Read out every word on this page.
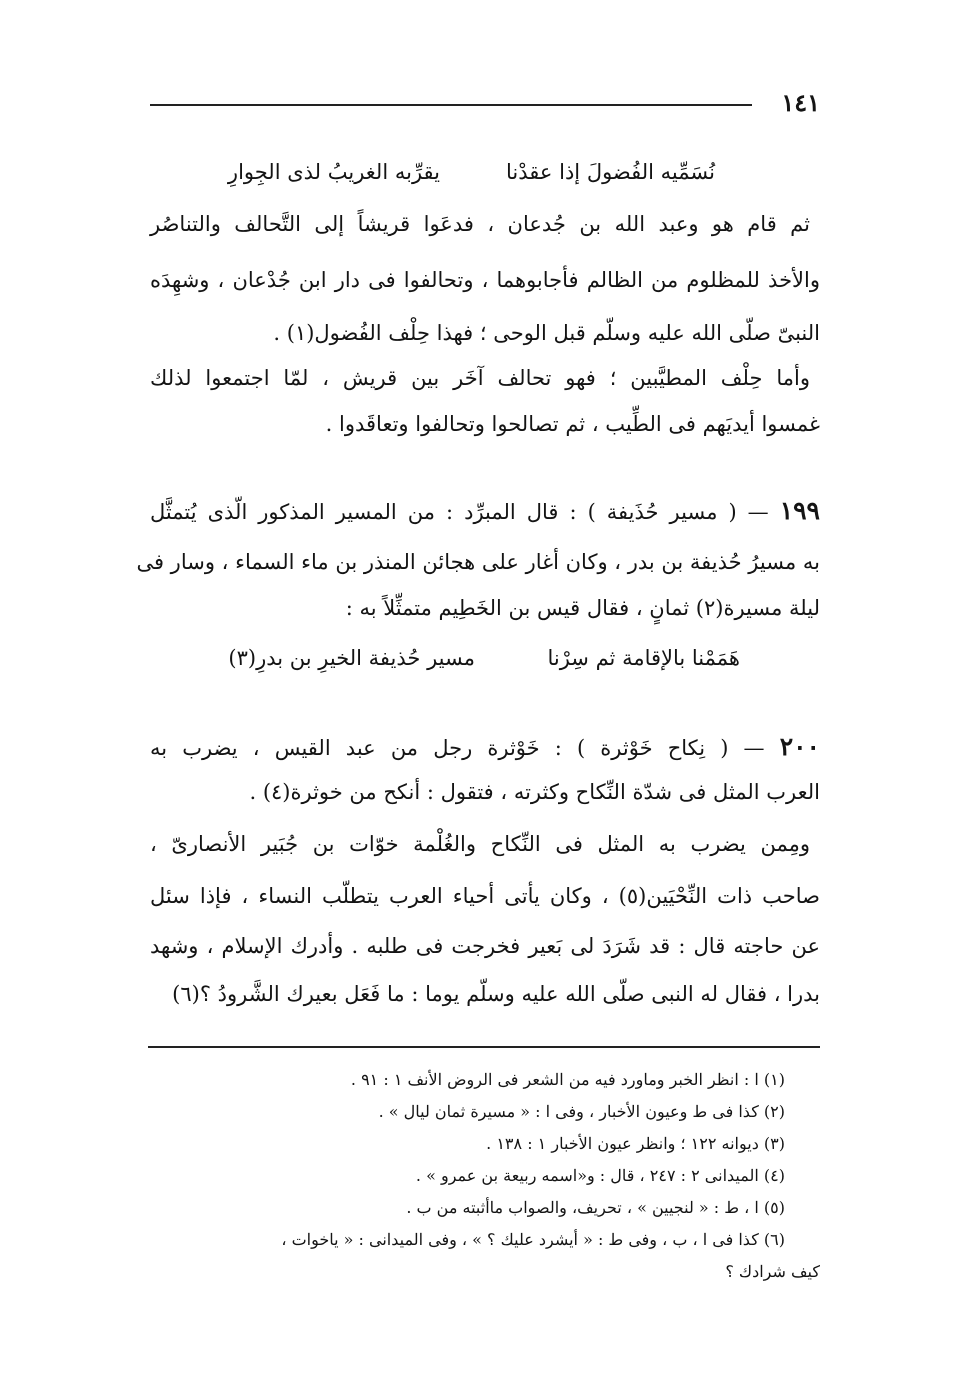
١٤١
نُسَمِّيه الفُضولَ إذا عقدْنا
يقرِّبه الغريبُ لذى الجِوارِ
ثم قام هو وعبد الله بن جُدعان ، فدعَوا قريشاً إلى التَّحالف والتناصُر
والأخذ للمظلوم من الظالم فأجابوهما ، وتحالفوا فى دار ابن جُدْعان ، وشهِدَه
النبىّ صلّى الله عليه وسلّم قبل الوحى ؛ فهذا حِلْف الفُضول(١) .
وأما حِلْف المطيَّبين ؛ فهو تحالف آخَر بين قريش ، لمّا اجتمعوا لذلك
غمسوا أيديَهم فى الطِّيب ، ثم تصالحوا وتحالفوا وتعاقَدوا .
١٩٩ — ( مسير حُذَيفة ) : قال المبرِّد : من المسير المذكور الّذى يُتمثَّل
به مسيرُ حُذيفة بن بدر ، وكان أغار على هجائن المنذر بن ماء السماء ، وسار فى
ليلة مسيرة(٢) ثمانٍ ، فقال قيس بن الخَطِيم متمثِّلاً به :
هَمَمْنا بالإقامة ثم سِرْنا
مسير حُذيفة الخيرِ بن بدرِ(٣)
٢٠٠ — ( نِكاح خَوْثرة ) : خَوْثرة رجل من عبد القيس ، يضرب به
العرب المثل فى شدّة النِّكاح وكثرته ، فتقول : أنكح من خوثرة(٤) .
ومِمن يضرب به المثل فى النِّكاح والغُلْمة خوّات بن جُبَير الأنصارىّ ،
صاحب ذات النِّحْيَين(٥) ، وكان يأتى أحياء العرب يتطلّب النساء ، فإذا سئل
عن حاجته قال : قد شَرَدَ لى بَعير فخرجت فى طلبه . وأدرك الإسلام ، وشهد
بدرا ، فقال له النبى صلّى الله عليه وسلّم يوما : ما فَعَل بعيرك الشَّرودُ ؟(٦)
(١) ا : انظر الخبر وماورد فيه من الشعر فى الروض الأنف ١ : ٩١ .
(٢) كذا فى ط وعيون الأخبار ، وفى ا : « مسيرة ثمان ليال » .
(٣) ديوانه ١٢٢ ؛ وانظر عيون الأخبار ١ : ١٣٨ .
(٤) الميدانى ٢ : ٢٤٧ ، قال : و«اسمه ربيعة بن عمرو » .
(٥) ا ، ط : « لنجيين » ، تحريف، والصواب ماأثبته من ب .
(٦) كذا فى ا ، ب ، وفى ط : « أيشرد عليك ؟ » ، وفى الميدانى : « ياخوات ،
كيف شرادك ؟
